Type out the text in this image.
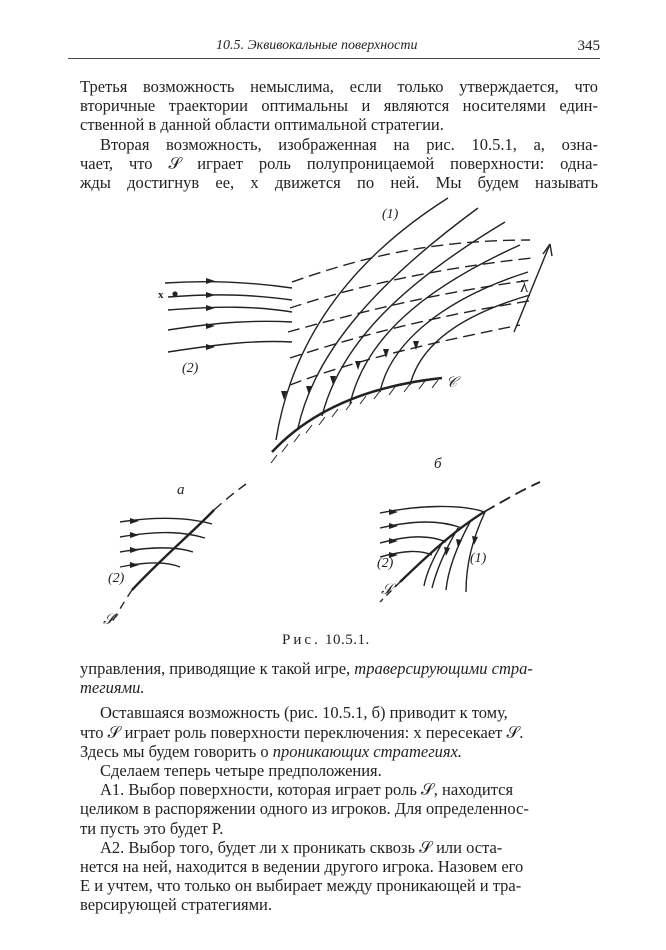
10.5. Эквивокальные поверхности	345
Третья возможность немыслима, если только утверждается, что
вторичные траектории оптимальны и являются носителями един-
ственной в данной области оптимальной стратегии.
Вторая возможность, изображенная на рис. 10.5.1, а, озна-
чает, что 𝒮 играет роль полупроницаемой поверхности: одна-
жды достигнув ее, x движется по ней. Мы будем называть
(1)
(2)
x	λ
𝒞
б
а
(2)
𝒮
(2)	(1)
𝒮
Рис. 10.5.1.
управления, приводящие к такой игре, траверсирующими стра-
тегиями.
Оставшаяся возможность (рис. 10.5.1, б) приводит к тому,
что 𝒮 играет роль поверхности переключения: x пересекает 𝒮.
Здесь мы будем говорить о проникающих стратегиях.
Сделаем теперь четыре предположения.
А1. Выбор поверхности, которая играет роль 𝒮, находится
целиком в распоряжении одного из игроков. Для определеннос-
ти пусть это будет P.
А2. Выбор того, будет ли x проникать сквозь 𝒮 или оста-
нется на ней, находится в ведении другого игрока. Назовем его
E и учтем, что только он выбирает между проникающей и тра-
версирующей стратегиями.
